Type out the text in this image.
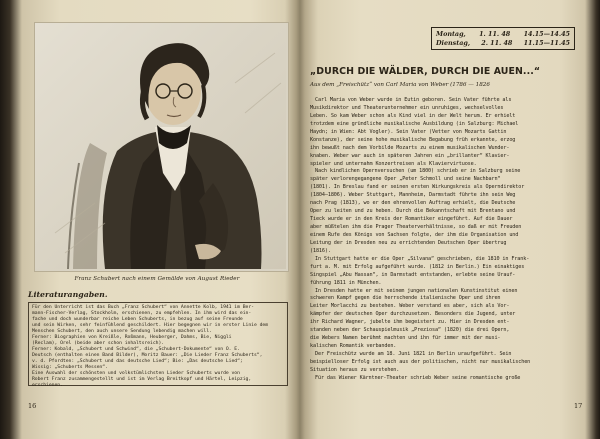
Franz Schubert nach einem Gemälde von August Rieder
Literaturangaben.

Für den Unterricht ist das Buch „Franz Schubert“ von Annette Kolb, 1941 im Ber-

mann-Fischer-Verlag, Stockholm, erschienen, zu empfehlen. In ihm wird das ein-

fache und doch wunderbar reiche Leben Schuberts, in bezug auf seine Freunde

und sein Wirken, sehr feinfühlend geschildert. Hier begegnen wir in erster Linie dem

Menschen Schubert, den auch unsere Sendung lebendig machen will.

Ferner: Biographien von Kreißle, Roßmann, Heuberger, Dahms, Bie, Niggli

(Reclam), Orel (beide aber schon inhaltsreich).

Ferner: Kobald, „Schubert und Schwind“, die „Schubert-Dokumente“ von O. E.

Deutsch (enthalten einen Band Bilder), Moritz Bauer: „Die Lieder Franz Schuberts“,

v. d. Pfordten: „Schubert und das deutsche Lied“; Bie: „Das deutsche Lied“;

Wissig: „Schuberts Messen“.

Eine Auswahl der schönsten und volkstümlichsten Lieder Schuberts wurde von

Robert Franz zusammengestellt und ist im Verlag Breitkopf und Härtel, Leipzig,

erschienen.

16
Montag, 1. 11. 48 14.15—14.45
Dienstag, 2. 11. 48 11.15—11.45
„DURCH DIE WÄLDER, DURCH DIE AUEN...“
Aus dem „Freischütz“ von Carl Maria von Weber (1786 — 1826
Carl Maria von Weber wurde in Eutin geboren. Sein Vater führte als
Musikdirektor und Theaterunternehmer ein unruhiges, wechselvolles
Leben. So kam Weber schon als Kind viel in der Welt herum. Er erhielt
trotzdem eine gründliche musikalische Ausbildung (in Salzburg: Michael
Haydn; in Wien: Abt Vogler). Sein Vater (Vetter von Mozarts Gattin
Konstanze), der seine hohe musikalische Begabung früh erkannte, erzog
ihn bewußt nach dem Vorbilde Mozarts zu einem musikalischen Wunder-
knaben. Weber war auch in späteren Jahren ein „brillanter“ Klavier-
spieler und unternahm Konzertreisen als Klaviervirtuose.
Nach kindlichen Opernversuchen (um 1800) schrieb er in Salzburg seine
später verlorengegangene Oper „Peter Schmoll und seine Nachbarn“
(1801). In Breslau fand er seinen ersten Wirkungskreis als Operndirektor
(1804—1806). Weber Stuttgart, Mannheim, Darmstadt führte ihn sein Weg
nach Prag (1813), wo er den ehrenvollen Auftrag erhielt, die Deutsche
Oper zu leiten und zu heben. Durch die Bekanntschaft mit Brentano und
Tieck wurde er in den Kreis der Romantiker eingeführt. Auf die Dauer
aber müßtelen ihm die Prager Theaterverhältnisse, so daß er mit Freuden
einem Rufe des Königs von Sachsen folgte, der ihm die Organisation und
Leitung der in Dresden neu zu errichtenden Deutschen Oper übertrug
(1816).
In Stuttgart hatte er die Oper „Silvana“ geschrieben, die 1810 in Frank-
furt a. M. mit Erfolg aufgeführt wurde. (1812 in Berlin.) Ein einaktiges
Singspiel „Abu Hassan“, in Darmstadt entstanden, erlebte seine Urauf-
führung 1811 in München.
In Dresden hatte er mit seinem jungen nationalen Kunstinstitut einen
schweren Kampf gegen die herrschende italienische Oper und ihren
Leiter Morlacchi zu bestehen. Weber verstand es aber, sich als Vor-
kämpfer der deutschen Oper durchzusetzen. Besonders die Jugend, unter
ihr Richard Wagner, jubelte ihm begeistert zu. Hier in Dresden ent-
standen neben der Schauspielmusik „Preziosa“ (1820) die drei Opern,
die Webers Namen berühmt machten und ihn für immer mit der musi-
kalischen Romantik verbanden.
Der Freischütz wurde am 18. Juni 1821 in Berlin uraufgeführt. Sein
beispielloser Erfolg ist auch aus der politischen, nicht nur musikalischen
Situation heraus zu verstehen.
Für das Wiener Kärntner-Theater schrieb Weber seine romantische große
17
